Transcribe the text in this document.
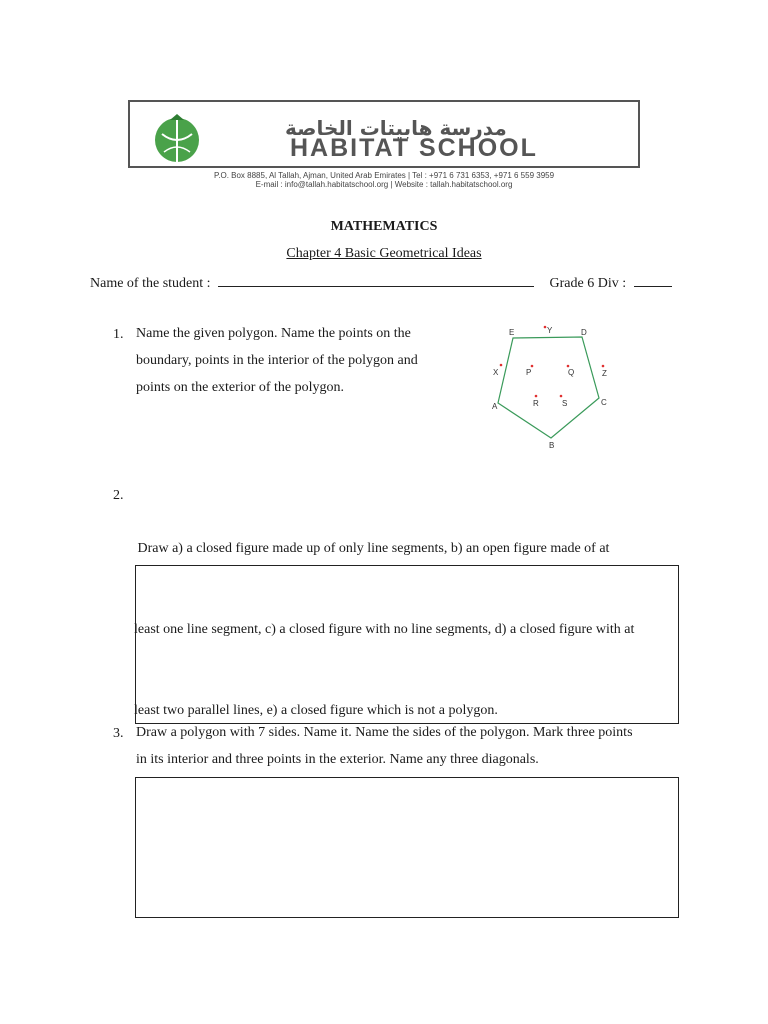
مدرسة هابيتات الخاصة
HABITAT SCHOOL
P.O. Box 8885, Al Tallah, Ajman, United Arab Emirates | Tel : +971 6 731 6353, +971 6 559 3959
E-mail : info@tallah.habitatschool.org | Website : tallah.habitatschool.org
MATHEMATICS
Chapter 4 Basic Geometrical Ideas
Name of the student :	Grade 6 Div :
1. Name the given polygon. Name the points on the
boundary, points in the interior of the polygon and
points on the exterior of the polygon.
A
B
C
D
E
X
Y
Z
P	Q
R	S
2.

Draw a) a closed figure made up of only line segments, b) an open figure made of at

least one line segment, c) a closed figure with no line segments, d) a closed figure with at

least two parallel lines, e) a closed figure which is not a polygon.

3. Draw a polygon with 7 sides. Name it. Name the sides of the polygon. Mark three points
in its interior and three points in the exterior. Name any three diagonals.
